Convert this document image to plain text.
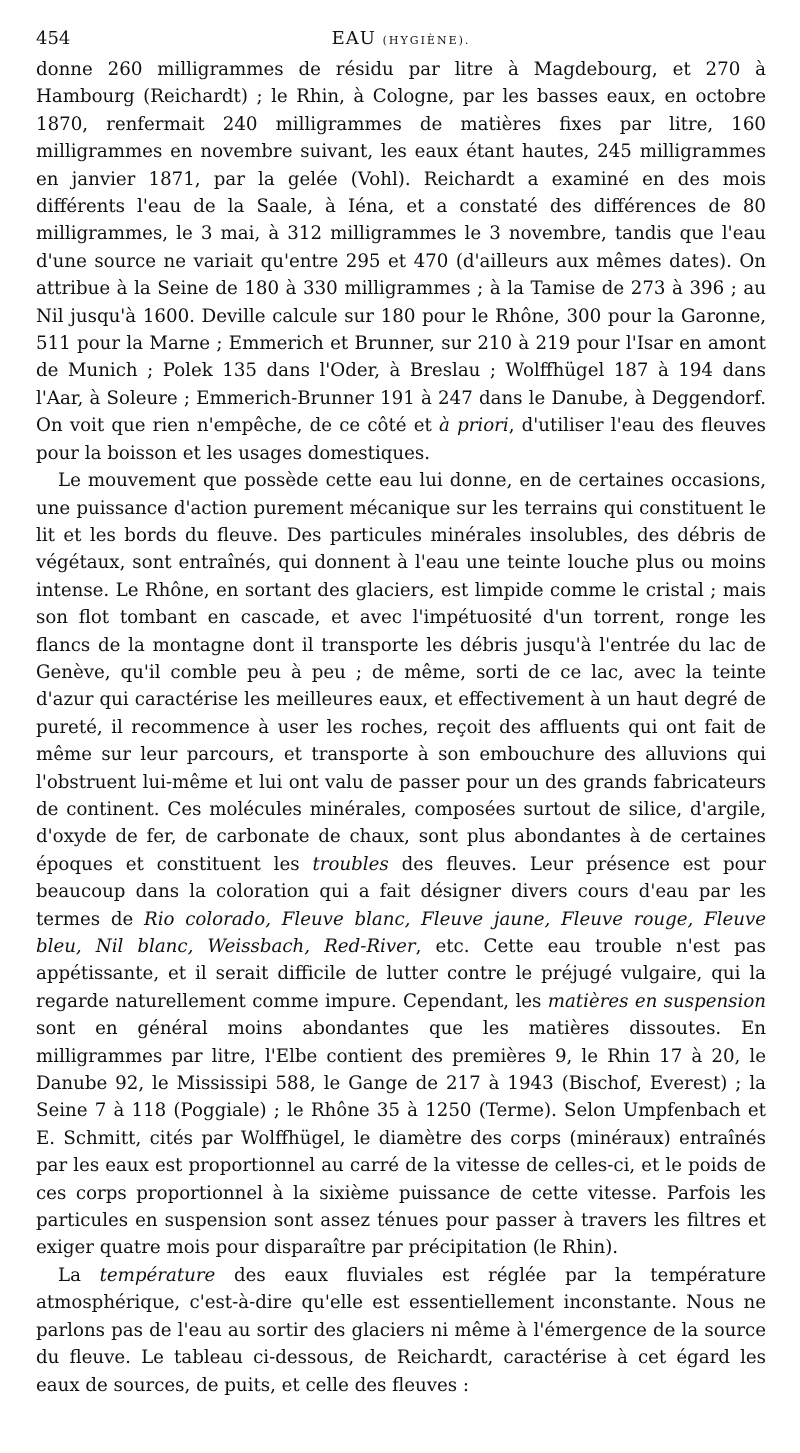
454	EAU (HYGIÈNE).

donne 260 milligrammes de résidu par litre à Magdebourg, et 270 à Hambourg (Reichardt) ; le Rhin, à Cologne, par les basses eaux, en octobre 1870, renfermait 240 milligrammes de matières fixes par litre, 160 milligrammes en novembre suivant, les eaux étant hautes, 245 milligrammes en janvier 1871, par la gelée (Vohl). Reichardt a examiné en des mois différents l'eau de la Saale, à Iéna, et a constaté des différences de 80 milligrammes, le 3 mai, à 312 milligrammes le 3 novembre, tandis que l'eau d'une source ne variait qu'entre 295 et 470 (d'ailleurs aux mêmes dates). On attribue à la Seine de 180 à 330 milligrammes ; à la Tamise de 273 à 396 ; au Nil jusqu'à 1600. Deville calcule sur 180 pour le Rhône, 300 pour la Garonne, 511 pour la Marne ; Emmerich et Brunner, sur 210 à 219 pour l'Isar en amont de Munich ; Polek 135 dans l'Oder, à Breslau ; Wolffhügel 187 à 194 dans l'Aar, à Soleure ; Emmerich-Brunner 191 à 247 dans le Danube, à Deggendorf. On voit que rien n'empêche, de ce côté et à priori, d'utiliser l'eau des fleuves pour la boisson et les usages domestiques.

Le mouvement que possède cette eau lui donne, en de certaines occasions, une puissance d'action purement mécanique sur les terrains qui constituent le lit et les bords du fleuve. Des particules minérales insolubles, des débris de végétaux, sont entraînés, qui donnent à l'eau une teinte louche plus ou moins intense. Le Rhône, en sortant des glaciers, est limpide comme le cristal ; mais son flot tombant en cascade, et avec l'impétuosité d'un torrent, ronge les flancs de la montagne dont il transporte les débris jusqu'à l'entrée du lac de Genève, qu'il comble peu à peu ; de même, sorti de ce lac, avec la teinte d'azur qui caractérise les meilleures eaux, et effectivement à un haut degré de pureté, il recommence à user les roches, reçoit des affluents qui ont fait de même sur leur parcours, et transporte à son embouchure des alluvions qui l'obstruent lui-même et lui ont valu de passer pour un des grands fabricateurs de continent. Ces molécules minérales, composées surtout de silice, d'argile, d'oxyde de fer, de carbonate de chaux, sont plus abondantes à de certaines époques et constituent les troubles des fleuves. Leur présence est pour beaucoup dans la coloration qui a fait désigner divers cours d'eau par les termes de Rio colorado, Fleuve blanc, Fleuve jaune, Fleuve rouge, Fleuve bleu, Nil blanc, Weissbach, Red-River, etc. Cette eau trouble n'est pas appétissante, et il serait difficile de lutter contre le préjugé vulgaire, qui la regarde naturellement comme impure. Cependant, les matières en suspension sont en général moins abondantes que les matières dissoutes. En milligrammes par litre, l'Elbe contient des premières 9, le Rhin 17 à 20, le Danube 92, le Mississipi 588, le Gange de 217 à 1943 (Bischof, Everest) ; la Seine 7 à 118 (Poggiale) ; le Rhône 35 à 1250 (Terme). Selon Umpfenbach et E. Schmitt, cités par Wolffhügel, le diamètre des corps (minéraux) entraînés par les eaux est proportionnel au carré de la vitesse de celles-ci, et le poids de ces corps proportionnel à la sixième puissance de cette vitesse. Parfois les particules en suspension sont assez ténues pour passer à travers les filtres et exiger quatre mois pour disparaître par précipitation (le Rhin).

La température des eaux fluviales est réglée par la température atmosphérique, c'est-à-dire qu'elle est essentiellement inconstante. Nous ne parlons pas de l'eau au sortir des glaciers ni même à l'émergence de la source du fleuve. Le tableau ci-dessous, de Reichardt, caractérise à cet égard les eaux de sources, de puits, et celle des fleuves :
